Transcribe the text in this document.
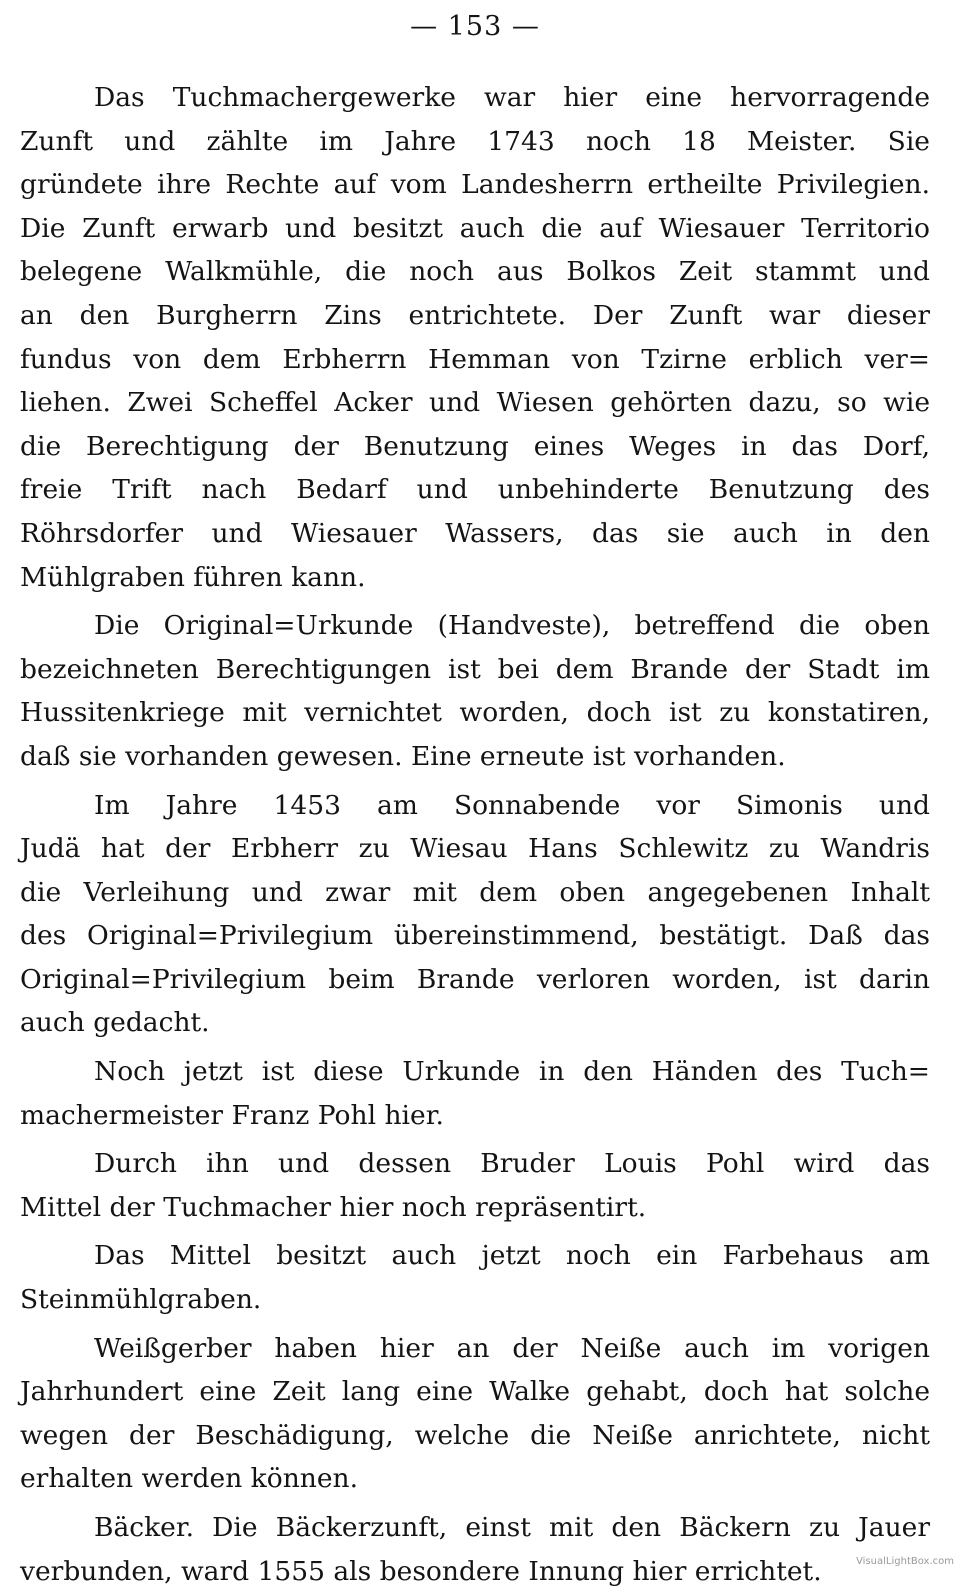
— 153 —
Das Tuchmachergewerke war hier eine hervorragende
Zunft und zählte im Jahre 1743 noch 18 Meister. Sie
gründete ihre Rechte auf vom Landesherrn ertheilte Privilegien.
Die Zunft erwarb und besitzt auch die auf Wiesauer Territorio
belegene Walkmühle, die noch aus Bolkos Zeit stammt und
an den Burgherrn Zins entrichtete. Der Zunft war dieser
fundus von dem Erbherrn Hemman von Tzirne erblich ver=
liehen. Zwei Scheffel Acker und Wiesen gehörten dazu, so wie
die Berechtigung der Benutzung eines Weges in das Dorf,
freie Trift nach Bedarf und unbehinderte Benutzung des
Röhrsdorfer und Wiesauer Wassers, das sie auch in den
Mühlgraben führen kann.
Die Original=Urkunde (Handveste), betreffend die oben
bezeichneten Berechtigungen ist bei dem Brande der Stadt im
Hussitenkriege mit vernichtet worden, doch ist zu konstatiren,
daß sie vorhanden gewesen. Eine erneute ist vorhanden.
Im Jahre 1453 am Sonnabende vor Simonis und
Judä hat der Erbherr zu Wiesau Hans Schlewitz zu Wandris
die Verleihung und zwar mit dem oben angegebenen Inhalt
des Original=Privilegium übereinstimmend, bestätigt. Daß das
Original=Privilegium beim Brande verloren worden, ist darin
auch gedacht.
Noch jetzt ist diese Urkunde in den Händen des Tuch=
machermeister Franz Pohl hier.
Durch ihn und dessen Bruder Louis Pohl wird das
Mittel der Tuchmacher hier noch repräsentirt.
Das Mittel besitzt auch jetzt noch ein Farbehaus am
Steinmühlgraben.
Weißgerber haben hier an der Neiße auch im vorigen
Jahrhundert eine Zeit lang eine Walke gehabt, doch hat solche
wegen der Beschädigung, welche die Neiße anrichtete, nicht
erhalten werden können.
Bäcker. Die Bäckerzunft, einst mit den Bäckern zu Jauer
verbunden, ward 1555 als besondere Innung hier errichtet.	VisualLightBox.com
